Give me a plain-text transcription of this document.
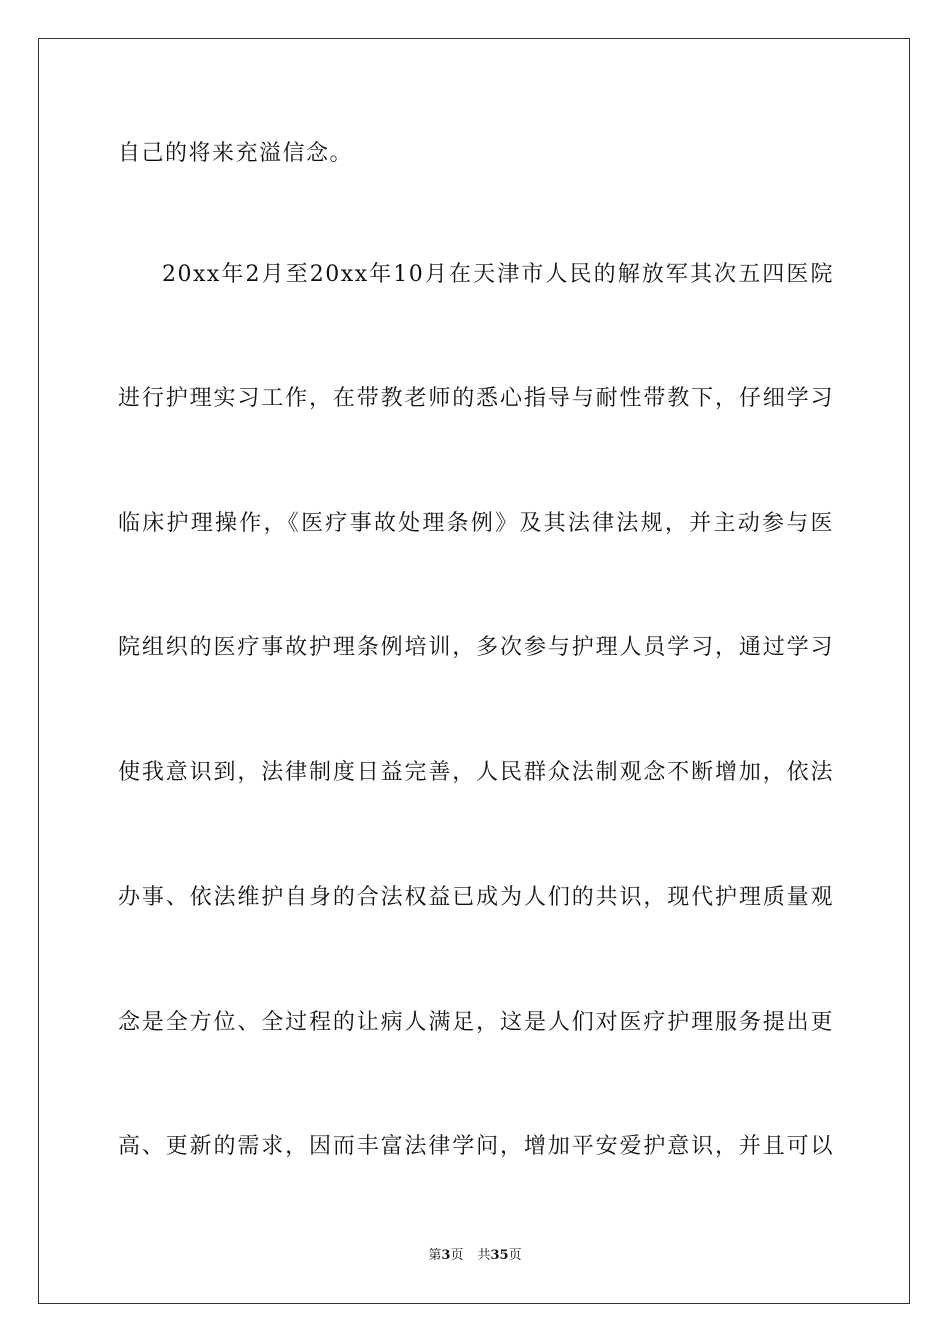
自己的将来充溢信念。
20xx年2月至20xx年10月在天津市人民的解放军其次五四医院
进行护理实习工作，在带教老师的悉心指导与耐性带教下，仔细学习
临床护理操作，《医疗事故处理条例》及其法律法规，并主动参与医
院组织的医疗事故护理条例培训，多次参与护理人员学习，通过学习
使我意识到，法律制度日益完善，人民群众法制观念不断增加，依法
办事、依法维护自身的合法权益已成为人们的共识，现代护理质量观
念是全方位、全过程的让病人满足，这是人们对医疗护理服务提出更
高、更新的需求，因而丰富法律学问，增加平安爱护意识，并且可以
第3页 共35页
